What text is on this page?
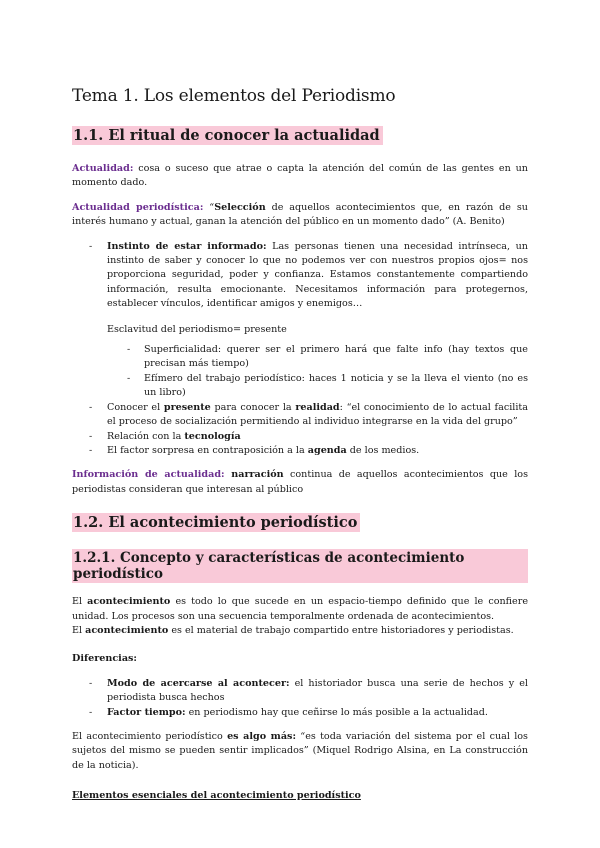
Tema 1. Los elementos del Periodismo
1.1. El ritual de conocer la actualidad

Actualidad: cosa o suceso que atrae o capta la atención del común de las gentes en un momento dado.

Actualidad periodística: “Selección de aquellos acontecimientos que, en razón de su interés humano y actual, ganan la atención del público en un momento dado” (A. Benito)

- Instinto de estar informado: Las personas tienen una necesidad intrínseca, un instinto de saber y conocer lo que no podemos ver con nuestros propios ojos= nos proporciona seguridad, poder y confianza. Estamos constantemente compartiendo información, resulta emocionante. Necesitamos información para protegernos, establecer vínculos, identificar amigos y enemigos…

Esclavitud del periodismo= presente

- Superficialidad: querer ser el primero hará que falte info (hay textos que precisan más tiempo)
- Efímero del trabajo periodístico: haces 1 noticia y se la lleva el viento (no es un libro)
- Conocer el presente para conocer la realidad: “el conocimiento de lo actual facilita el proceso de socialización permitiendo al individuo integrarse en la vida del grupo”
- Relación con la tecnología
- El factor sorpresa en contraposición a la agenda de los medios.

Información de actualidad: narración continua de aquellos acontecimientos que los periodistas consideran que interesan al público

1.2. El acontecimiento periodístico
1.2.1. Concepto y características de acontecimiento periodístico

El acontecimiento es todo lo que sucede en un espacio-tiempo definido que le confiere unidad. Los procesos son una secuencia temporalmente ordenada de acontecimientos.

El acontecimiento es el material de trabajo compartido entre historiadores y periodistas.

Diferencias:

- Modo de acercarse al acontecer: el historiador busca una serie de hechos y el periodista busca hechos
- Factor tiempo: en periodismo hay que ceñirse lo más posible a la actualidad.

El acontecimiento periodístico es algo más: “es toda variación del sistema por el cual los sujetos del mismo se pueden sentir implicados” (Miquel Rodrigo Alsina, en La construcción de la noticia).

Elementos esenciales del acontecimiento periodístico
